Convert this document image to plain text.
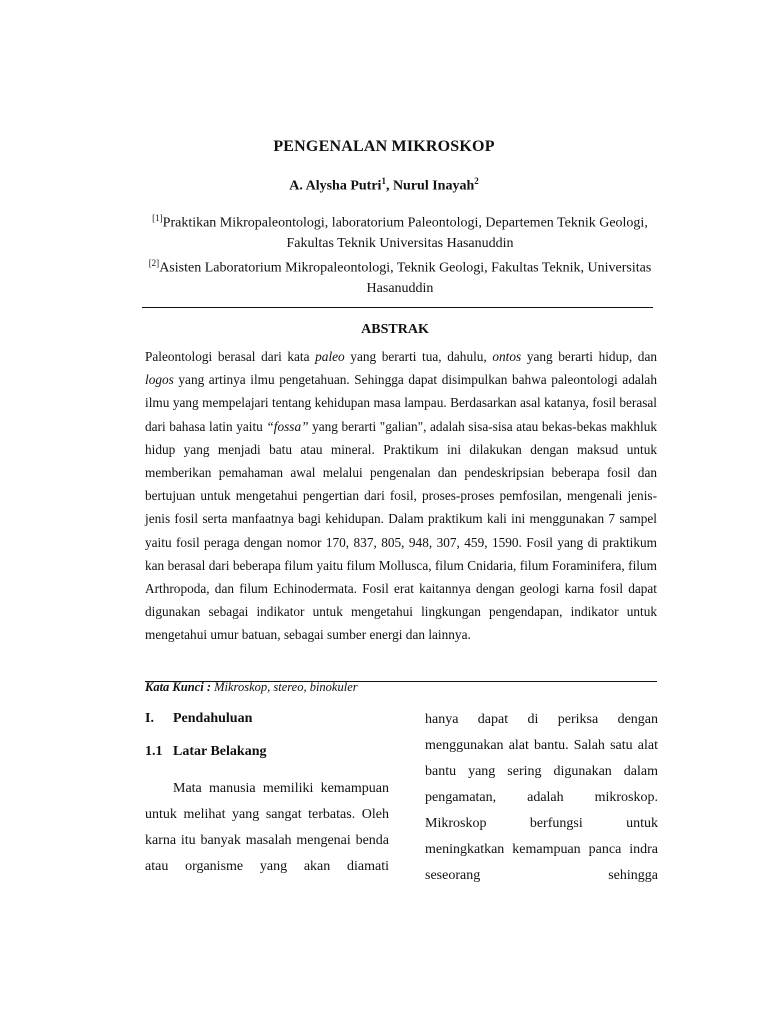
PENGENALAN MIKROSKOP
A. Alysha Putri$^1$, Nurul Inayah$^2$
[1]Praktikan Mikropaleontologi, laboratorium Paleontologi, Departemen Teknik Geologi, Fakultas Teknik Universitas Hasanuddin
[2]Asisten Laboratorium Mikropaleontologi, Teknik Geologi, Fakultas Teknik, Universitas Hasanuddin
ABSTRAK

Paleontologi berasal dari kata paleo yang berarti tua, dahulu, ontos yang berarti hidup, dan logos yang artinya ilmu pengetahuan. Sehingga dapat disimpulkan bahwa paleontologi adalah ilmu yang mempelajari tentang kehidupan masa lampau. Berdasarkan asal katanya, fosil berasal dari bahasa latin yaitu “fossa” yang berarti "galian", adalah sisa-sisa atau bekas-bekas makhluk hidup yang menjadi batu atau mineral. Praktikum ini dilakukan dengan maksud untuk memberikan pemahaman awal melalui pengenalan dan pendeskripsian beberapa fosil dan bertujuan untuk mengetahui pengertian dari fosil, proses-proses pemfosilan, mengenali jenis-jenis fosil serta manfaatnya bagi kehidupan. Dalam praktikum kali ini menggunakan 7 sampel yaitu fosil peraga dengan nomor 170, 837, 805, 948, 307, 459, 1590. Fosil yang di praktikum kan berasal dari beberapa filum yaitu filum Mollusca, filum Cnidaria, filum Foraminifera, filum Arthropoda, dan filum Echinodermata. Fosil erat kaitannya dengan geologi karna fosil dapat digunakan sebagai indikator untuk mengetahui lingkungan pengendapan, indikator untuk mengetahui umur batuan, sebagai sumber energi dan lainnya.

Kata Kunci : Mikroskop, stereo, binokuler
I. Pendahuluan
1.1 Latar Belakang

Mata manusia memiliki kemampuan untuk melihat yang sangat terbatas. Oleh karna itu banyak masalah mengenai benda atau organisme yang akan diamati

hanya dapat di periksa dengan menggunakan alat bantu. Salah satu alat bantu yang sering digunakan dalam pengamatan, adalah mikroskop. Mikroskop berfungsi untuk meningkatkan kemampuan panca indra seseorang sehingga
